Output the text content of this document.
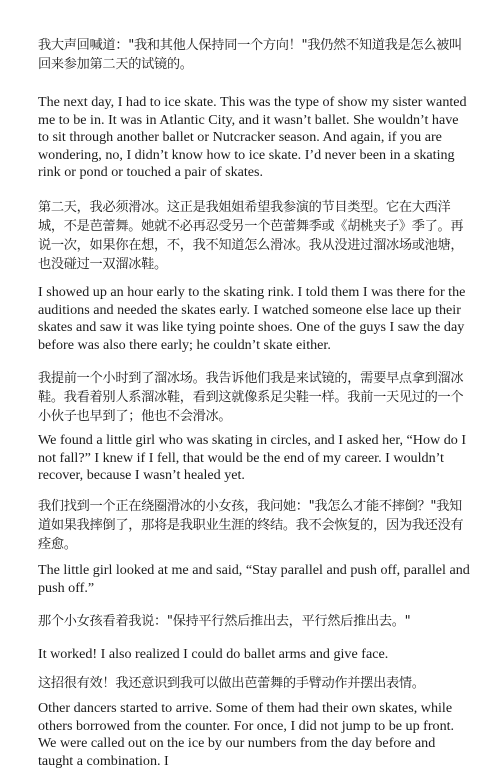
我大声回喊道："我和其他人保持同一个方向！"我仍然不知道我是怎么被叫回来参加第二天的试镜的。

The next day, I had to ice skate. This was the type of show my sister wanted me to be in. It was in Atlantic City, and it wasn’t ballet. She wouldn’t have to sit through another ballet or Nutcracker season. And again, if you are wondering, no, I didn’t know how to ice skate. I’d never been in a skating rink or pond or touched a pair of skates.

第二天，我必须滑冰。这正是我姐姐希望我参演的节目类型。它在大西洋城，不是芭蕾舞。她就不必再忍受另一个芭蕾舞季或《胡桃夹子》季了。再说一次，如果你在想，不，我不知道怎么滑冰。我从没进过溜冰场或池塘，也没碰过一双溜冰鞋。

I showed up an hour early to the skating rink. I told them I was there for the auditions and needed the skates early. I watched someone else lace up their skates and saw it was like tying pointe shoes. One of the guys I saw the day before was also there early; he couldn’t skate either.

我提前一个小时到了溜冰场。我告诉他们我是来试镜的，需要早点拿到溜冰鞋。我看着别人系溜冰鞋，看到这就像系足尖鞋一样。我前一天见过的一个小伙子也早到了；他也不会滑冰。

We found a little girl who was skating in circles, and I asked her, “How do I not fall?” I knew if I fell, that would be the end of my career. I wouldn’t recover, because I wasn’t healed yet.

我们找到一个正在绕圈滑冰的小女孩，我问她："我怎么才能不摔倒？"我知道如果我摔倒了，那将是我职业生涯的终结。我不会恢复的，因为我还没有痊愈。

The little girl looked at me and said, “Stay parallel and push off, parallel and push off.”

那个小女孩看着我说："保持平行然后推出去，平行然后推出去。"

It worked! I also realized I could do ballet arms and give face.

这招很有效！我还意识到我可以做出芭蕾舞的手臂动作并摆出表情。

Other dancers started to arrive. Some of them had their own skates, while others borrowed from the counter. For once, I did not jump to be up front. We were called out on the ice by our numbers from the day before and taught a combination. I
